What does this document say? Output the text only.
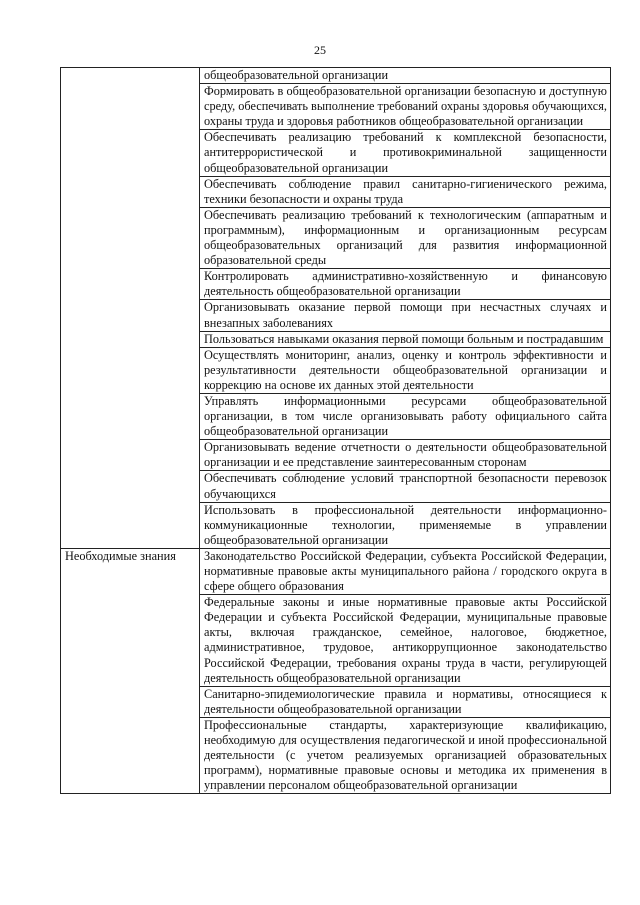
25
	общеобразовательной организации
	Формировать в общеобразовательной организации безопасную и доступную среду, обеспечивать выполнение требований охраны здоровья обучающихся, охраны труда и здоровья работников общеобразовательной организации
	Обеспечивать реализацию требований к комплексной безопасности, антитеррористической и противокриминальной защищенности общеобразовательной организации
	Обеспечивать соблюдение правил санитарно-гигиенического режима, техники безопасности и охраны труда
	Обеспечивать реализацию требований к технологическим (аппаратным и программным), информационным и организационным ресурсам общеобразовательных организаций для развития информационной образовательной среды
	Контролировать административно-хозяйственную и финансовую деятельность общеобразовательной организации
	Организовывать оказание первой помощи при несчастных случаях и внезапных заболеваниях
	Пользоваться навыками оказания первой помощи больным и пострадавшим
	Осуществлять мониторинг, анализ, оценку и контроль эффективности и результативности деятельности общеобразовательной организации и коррекцию на основе их данных этой деятельности
	Управлять информационными ресурсами общеобразовательной организации, в том числе организовывать работу официального сайта общеобразовательной организации
	Организовывать ведение отчетности о деятельности общеобразовательной организации и ее представление заинтересованным сторонам
	Обеспечивать соблюдение условий транспортной безопасности перевозок обучающихся
	Использовать в профессиональной деятельности информационно-коммуникационные технологии, применяемые в управлении общеобразовательной организации
Необходимые знания	Законодательство Российской Федерации, субъекта Российской Федерации, нормативные правовые акты муниципального района / городского округа в сфере общего образования
	Федеральные законы и иные нормативные правовые акты Российской Федерации и субъекта Российской Федерации, муниципальные правовые акты, включая гражданское, семейное, налоговое, бюджетное, административное, трудовое, антикоррупционное законодательство Российской Федерации, требования охраны труда в части, регулирующей деятельность общеобразовательной организации
	Санитарно-эпидемиологические правила и нормативы, относящиеся к деятельности общеобразовательной организации
	Профессиональные стандарты, характеризующие квалификацию, необходимую для осуществления педагогической и иной профессиональной деятельности (с учетом реализуемых организацией образовательных программ), нормативные правовые основы и методика их применения в управлении персоналом общеобразовательной организации
